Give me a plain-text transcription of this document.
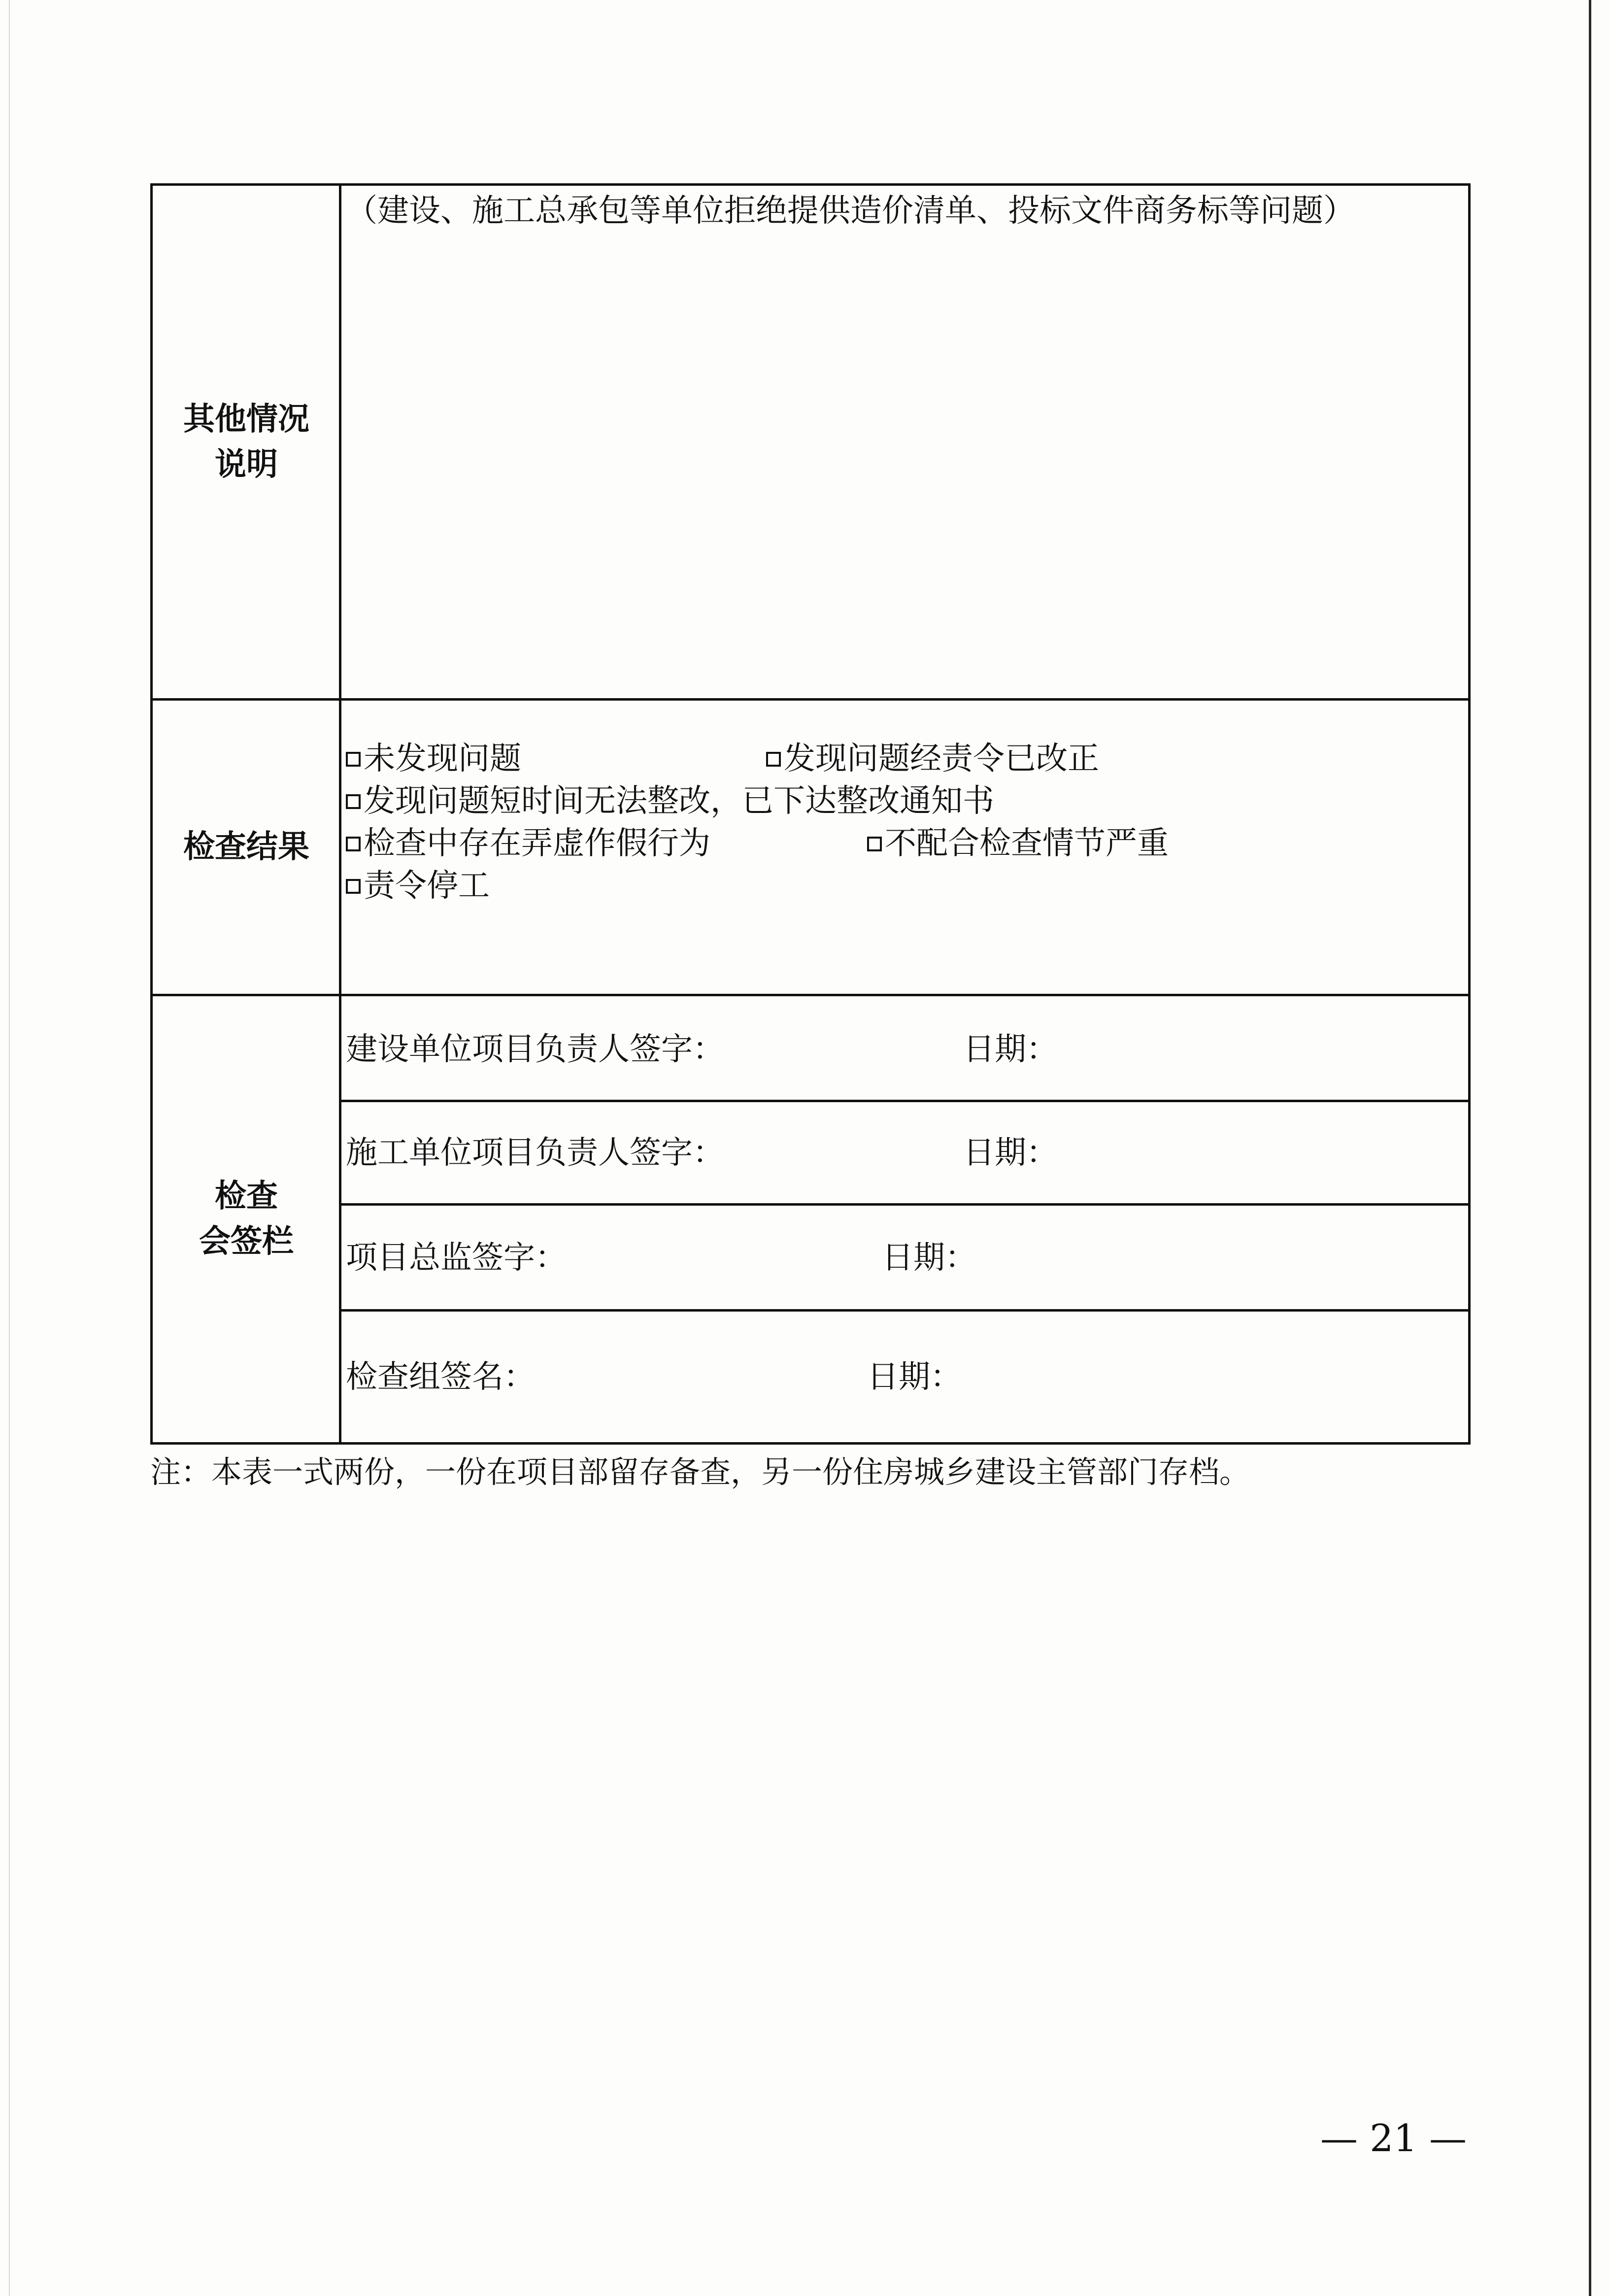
其他情况
说明
（建设、施工总承包等单位拒绝提供造价清单、投标文件商务标等问题）
检查结果
未发现问题	发现问题经责令已改正
发现问题短时间无法整改，已下达整改通知书
检查中存在弄虚作假行为	不配合检查情节严重
责令停工
检查
会签栏
建设单位项目负责人签字：	日期：
施工单位项目负责人签字：	日期：
项目总监签字：	日期：
检查组签名：	日期：
注：本表一式两份，一份在项目部留存备查，另一份住房城乡建设主管部门存档。
— 21 —
